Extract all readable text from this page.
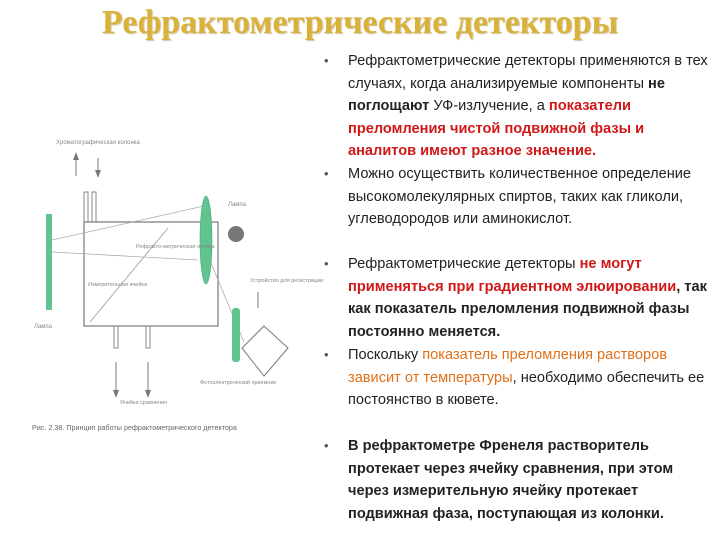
Рефрактометрические детекторы
Хроматографическая колонка
Лампа
Лампа
Рефракто-метрическая ячейка
Измерительная ячейка
Устройство для регистрации
Фотоэлектрический приемник
Ячейка сравнения
Рис. 2.38. Принцип работы рефрактометрического детектора
• Рефрактометрические детекторы применяются в тех случаях, когда анализируемые компоненты не поглощают УФ-излучение, а показатели преломления чистой подвижной фазы и аналитов имеют разное значение.
• Можно осуществить количественное определение высокомолекулярных спиртов, таких как гликоли, углеводородов или аминокислот.
• Рефрактометрические детекторы не могут применяться при градиентном элюировании, так как показатель преломления подвижной фазы постоянно меняется.
• Поскольку показатель преломления растворов зависит от температуры, необходимо обеспечить ее постоянство в кювете.
• В рефрактометре Френеля растворитель протекает через ячейку сравнения, при этом через измерительную ячейку протекает подвижная фаза, поступающая из колонки.
